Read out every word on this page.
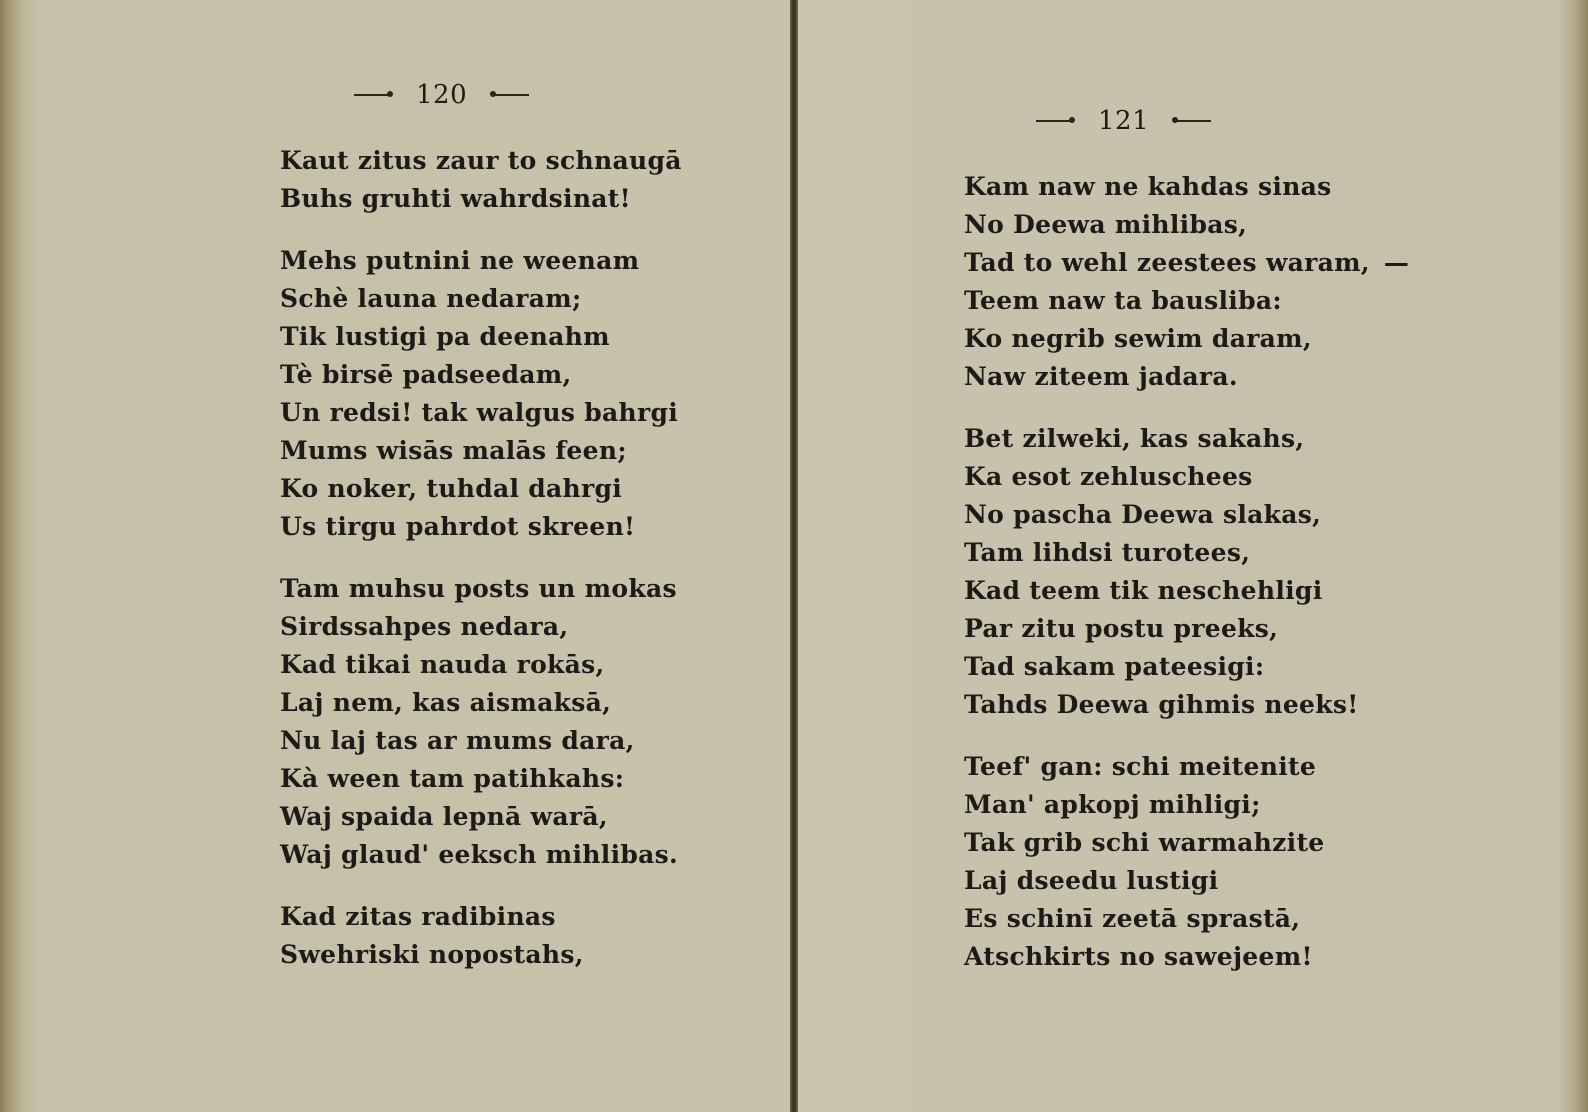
120
Kaut zitus zaur to schnaugā
Buhs gruhti wahrdsinat!
Mehs putnini ne weenam
Schè launa nedaram;
Tik lustigi pa deenahm
Tè birsē padseedam,
Un redsi! tak walgus bahrgi
Mums wisās malās feen;
Ko noker, tuhdal dahrgi
Us tirgu pahrdot skreen!
Tam muhsu posts un mokas
Sirdssahpes nedara,
Kad tikai nauda rokās,
Laj nem, kas aismaksā,
Nu laj tas ar mums dara,
Kà ween tam patihkahs:
Waj spaida lepnā warā,
Waj glaud' eeksch mihlibas.
Kad zitas radibinas
Swehriski nopostahs,
121
Kam naw ne kahdas sinas
No Deewa mihlibas,
Tad to wehl zeestees waram, —
Teem naw ta bausliba:
Ko negrib sewim daram,
Naw ziteem jadara.
Bet zilweki, kas sakahs,
Ka esot zehluschees
No pascha Deewa slakas,
Tam lihdsi turotees,
Kad teem tik neschehligi
Par zitu postu preeks,
Tad sakam pateesigi:
Tahds Deewa gihmis neeks!
Teef' gan: schi meitenite
Man' apkopj mihligi;
Tak grib schi warmahzite
Laj dseedu lustigi
Es schinī zeetā sprastā,
Atschkirts no sawejeem!
